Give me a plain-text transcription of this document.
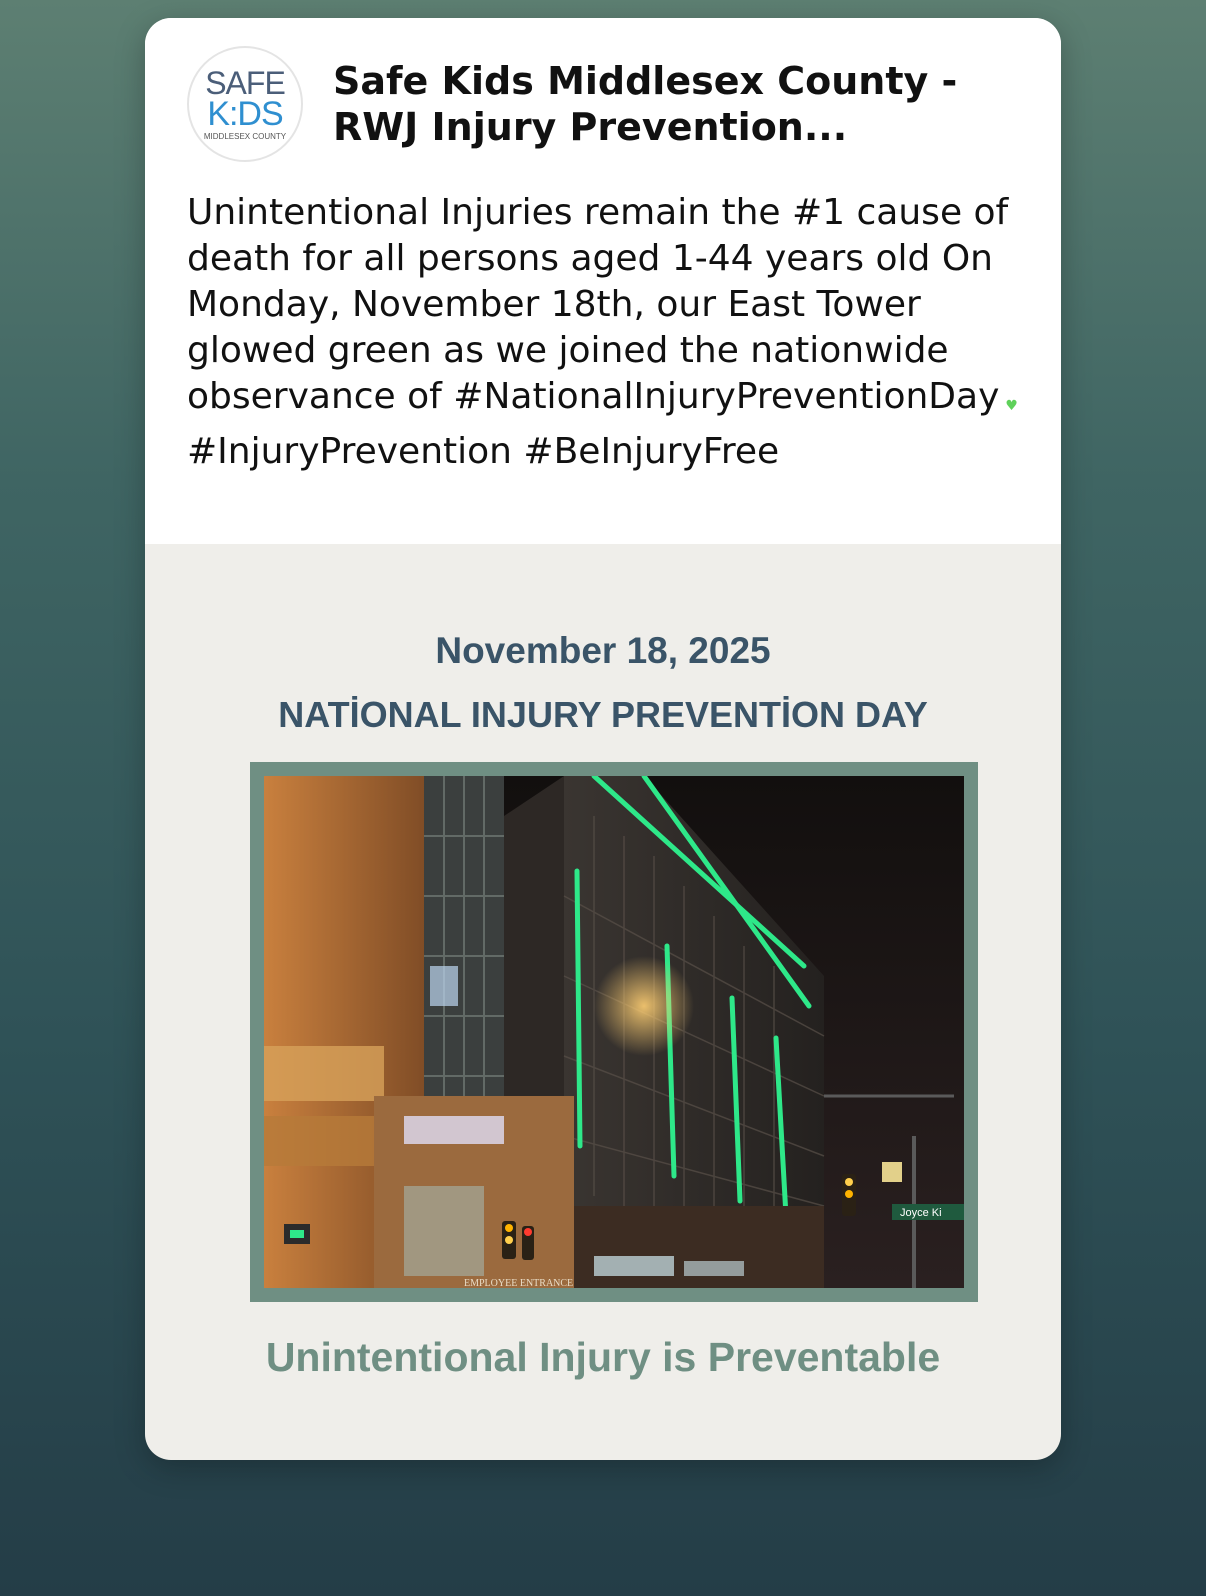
SAFE
K:DS
MIDDLESEX COUNTY
Safe Kids Middlesex County - RWJ Injury Prevention...

Unintentional Injuries remain the #1 cause of death for all persons aged 1-44 years old On Monday, November 18th, our East Tower glowed green as we joined the nationwide observance of #NationalInjuryPreventionDay ♥
#InjuryPrevention #BeInjuryFree

November 18, 2025

NATİONAL INJURY PREVENTİON DAY

EMPLOYEE ENTRANCE
Joyce Ki

Unintentional Injury is Preventable
